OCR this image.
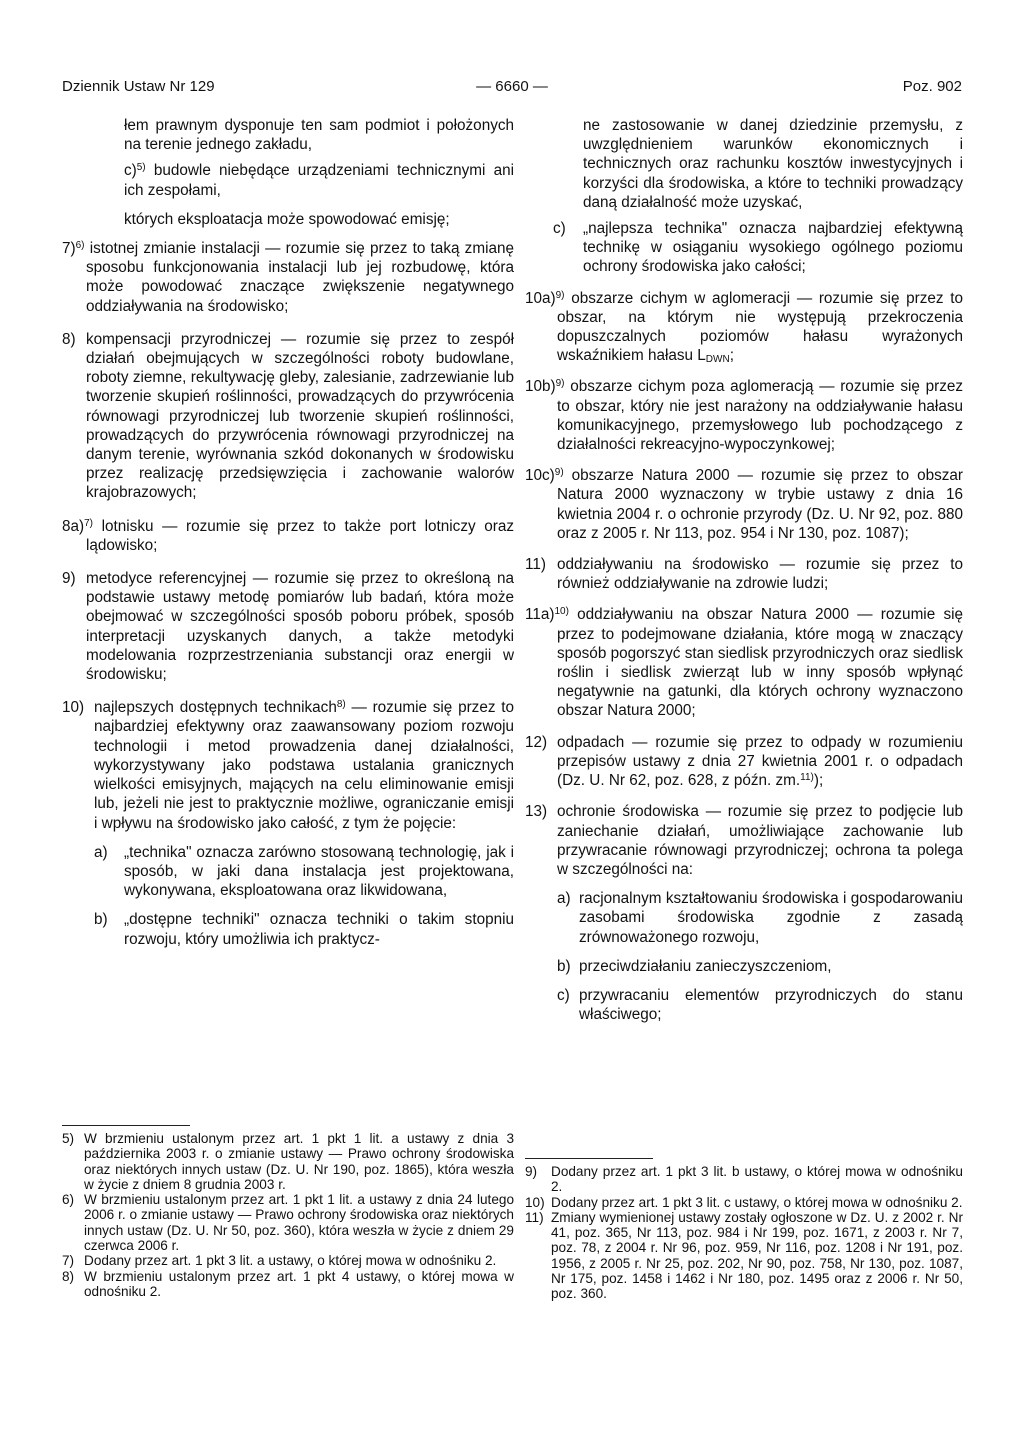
Dziennik Ustaw Nr 129	— 6660 —	Poz. 902

łem prawnym dysponuje ten sam podmiot i położonych na terenie jednego zakładu,

c)$^{5)}$ budowle niebędące urządzeniami technicznymi ani ich zespołami,

których eksploatacja może spowodować emisję;

7)$^{6)}$ istotnej zmianie instalacji — rozumie się przez to taką zmianę sposobu funkcjonowania instalacji lub jej rozbudowę, która może powodować znaczące zwiększenie negatywnego oddziaływania na środowisko;
8) kompensacji przyrodniczej — rozumie się przez to zespół działań obejmujących w szczególności roboty budowlane, roboty ziemne, rekultywację gleby, zalesianie, zadrzewianie lub tworzenie skupień roślinności, prowadzących do przywrócenia równowagi przyrodniczej lub tworzenie skupień roślinności, prowadzących do przywrócenia równowagi przyrodniczej na danym terenie, wyrównania szkód dokonanych w środowisku przez realizację przedsięwzięcia i zachowanie walorów krajobrazowych;
8a)$^{7)}$ lotnisku — rozumie się przez to także port lotniczy oraz lądowisko;
9) metodyce referencyjnej — rozumie się przez to określoną na podstawie ustawy metodę pomiarów lub badań, która może obejmować w szczególności sposób poboru próbek, sposób interpretacji uzyskanych danych, a także metodyki modelowania rozprzestrzeniania substancji oraz energii w środowisku;
10) najlepszych dostępnych technikach$^{8)}$ — rozumie się przez to najbardziej efektywny oraz zaawansowany poziom rozwoju technologii i metod prowadzenia danej działalności, wykorzystywany jako podstawa ustalania granicznych wielkości emisyjnych, mających na celu eliminowanie emisji lub, jeżeli nie jest to praktycznie możliwe, ograniczanie emisji i wpływu na środowisko jako całość, z tym że pojęcie:
a)	„technika" oznacza zarówno stosowaną technologię, jak i sposób, w jaki dana instalacja jest projektowana, wykonywana, eksploatowana oraz likwidowana,
b)	„dostępne techniki" oznacza techniki o takim stopniu rozwoju, który umożliwia ich praktycz-

ne zastosowanie w danej dziedzinie przemysłu, z uwzględnieniem warunków ekonomicznych i technicznych oraz rachunku kosztów inwestycyjnych i korzyści dla środowiska, a które to techniki prowadzący daną działalność może uzyskać,

c)	„najlepsza technika" oznacza najbardziej efektywną technikę w osiąganiu wysokiego ogólnego poziomu ochrony środowiska jako całości;
10a)$^{9)}$ obszarze cichym w aglomeracji — rozumie się przez to obszar, na którym nie występują przekroczenia dopuszczalnych poziomów hałasu wyrażonych wskaźnikiem hałasu $L_{DWN}$;
10b)$^{9)}$ obszarze cichym poza aglomeracją — rozumie się przez to obszar, który nie jest narażony na oddziaływanie hałasu komunikacyjnego, przemysłowego lub pochodzącego z działalności rekreacyjno-wypoczynkowej;
10c)$^{9)}$ obszarze Natura 2000 — rozumie się przez to obszar Natura 2000 wyznaczony w trybie ustawy z dnia 16 kwietnia 2004 r. o ochronie przyrody (Dz. U. Nr 92, poz. 880 oraz z 2005 r. Nr 113, poz. 954 i Nr 130, poz. 1087);
11) oddziaływaniu na środowisko — rozumie się przez to również oddziaływanie na zdrowie ludzi;
11a)$^{10)}$ oddziaływaniu na obszar Natura 2000 — rozumie się przez to podejmowane działania, które mogą w znaczący sposób pogorszyć stan siedlisk przyrodniczych oraz siedlisk roślin i siedlisk zwierząt lub w inny sposób wpłynąć negatywnie na gatunki, dla których ochrony wyznaczono obszar Natura 2000;
12) odpadach — rozumie się przez to odpady w rozumieniu przepisów ustawy z dnia 27 kwietnia 2001 r. o odpadach (Dz. U. Nr 62, poz. 628, z późn. zm.$^{11)}$);
13) ochronie środowiska — rozumie się przez to podjęcie lub zaniechanie działań, umożliwiające zachowanie lub przywracanie równowagi przyrodniczej; ochrona ta polega w szczególności na:
a) racjonalnym kształtowaniu środowiska i gospodarowaniu zasobami środowiska zgodnie z zasadą zrównoważonego rozwoju,
b) przeciwdziałaniu zanieczyszczeniom,
c) przywracaniu elementów przyrodniczych do stanu właściwego;
5) W brzmieniu ustalonym przez art. 1 pkt 1 lit. a ustawy z dnia 3 października 2003 r. o zmianie ustawy — Prawo ochrony środowiska oraz niektórych innych ustaw (Dz. U. Nr 190, poz. 1865), która weszła w życie z dniem 8 grudnia 2003 r.
6) W brzmieniu ustalonym przez art. 1 pkt 1 lit. a ustawy z dnia 24 lutego 2006 r. o zmianie ustawy — Prawo ochrony środowiska oraz niektórych innych ustaw (Dz. U. Nr 50, poz. 360), która weszła w życie z dniem 29 czerwca 2006 r.
7) Dodany przez art. 1 pkt 3 lit. a ustawy, o której mowa w odnośniku 2.
8) W brzmieniu ustalonym przez art. 1 pkt 4 ustawy, o której mowa w odnośniku 2.
9)	Dodany przez art. 1 pkt 3 lit. b ustawy, o której mowa w odnośniku 2.
10) Dodany przez art. 1 pkt 3 lit. c ustawy, o której mowa w odnośniku 2.
11) Zmiany wymienionej ustawy zostały ogłoszone w Dz. U. z 2002 r. Nr 41, poz. 365, Nr 113, poz. 984 i Nr 199, poz. 1671, z 2003 r. Nr 7, poz. 78, z 2004 r. Nr 96, poz. 959, Nr 116, poz. 1208 i Nr 191, poz. 1956, z 2005 r. Nr 25, poz. 202, Nr 90, poz. 758, Nr 130, poz. 1087, Nr 175, poz. 1458 i 1462 i Nr 180, poz. 1495 oraz z 2006 r. Nr 50, poz. 360.
